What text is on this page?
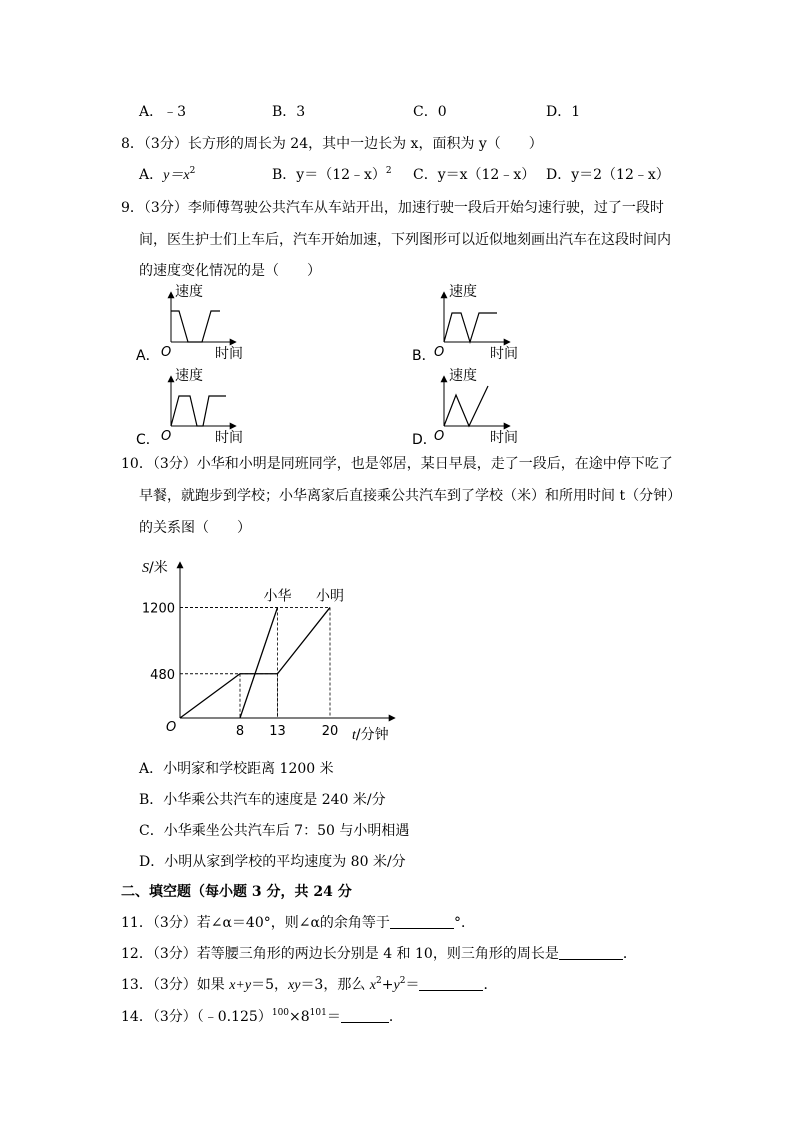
A．﹣3	B．3	C．0	D．1
8．（3分）长方形的周长为 24，其中一边长为 x，面积为 y（　　）
A．$y=x^2$	B．y＝（12﹣x）$^2$ C．y＝x（12﹣x） D．y＝2（12﹣x）
9．（3分）李师傅驾驶公共汽车从车站开出，加速行驶一段后开始匀速行驶，过了一段时
间，医生护士们上车后，汽车开始加速，下列图形可以近似地刻画出汽车在这段时间内
的速度变化情况的是（　　）
A．
速度
O	时间	B．
速度
O	时间
C．
速度
O	时间	D．
速度
O	时间
10．（3分）小华和小明是同班同学，也是邻居，某日早晨，走了一段后，在途中停下吃了
早餐，就跑步到学校；小华离家后直接乘公共汽车到了学校（米）和所用时间 t（分钟）
的关系图（　　）
S/米
t/分钟
O
小明
小华
8 13	20
480
1200
A．小明家和学校距离 1200 米
B．小华乘公共汽车的速度是 240 米/分
C．小华乘坐公共汽车后 7：50 与小明相遇
D．小明从家到学校的平均速度为 80 米/分
二、填空题（每小题 3 分，共 24 分
11．（3分）若∠α＝40°，则∠α的余角等于	°．
12．（3分）若等腰三角形的两边长分别是 4 和 10，则三角形的周长是	．
13．（3分）如果 x+y＝5，xy＝3，那么 $x^2+y^2=$	．
14．（3分）$(﹣0.125)^{100}\times 8^{101}=$	．
